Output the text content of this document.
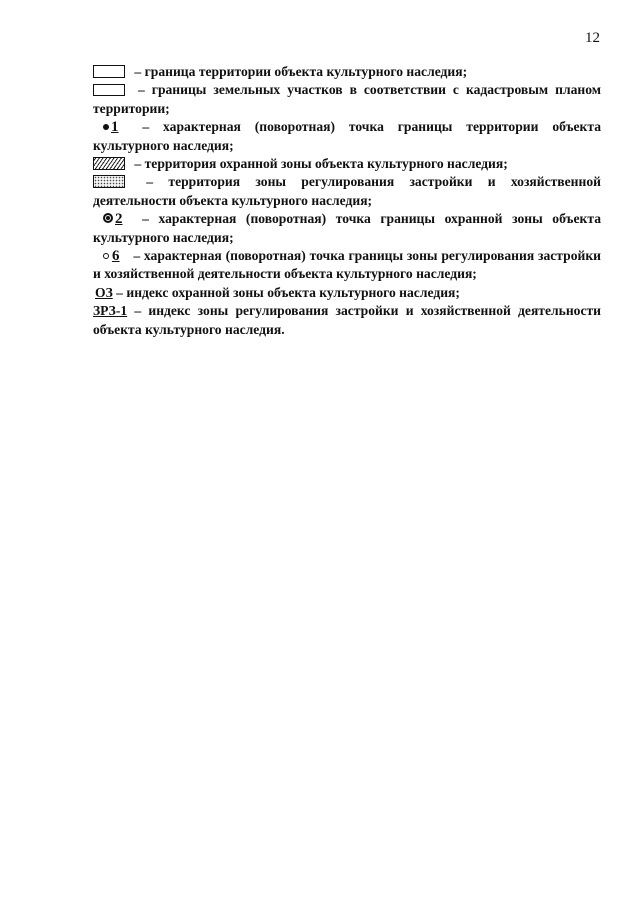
12
– граница территории объекта культурного наследия;
– границы земельных участков в соответствии с кадастровым планом территории;
1 – характерная (поворотная) точка границы территории объекта культурного наследия;
– территория охранной зоны объекта культурного наследия;
– территория зоны регулирования застройки и хозяйственной деятельности объекта культурного наследия;
2 – характерная (поворотная) точка границы охранной зоны объекта культурного наследия;
6 – характерная (поворотная) точка границы зоны регулирования застройки и хозяйственной деятельности объекта культурного наследия;
ОЗ – индекс охранной зоны объекта культурного наследия;
ЗРЗ-1 – индекс зоны регулирования застройки и хозяйственной деятельности объекта культурного наследия.
